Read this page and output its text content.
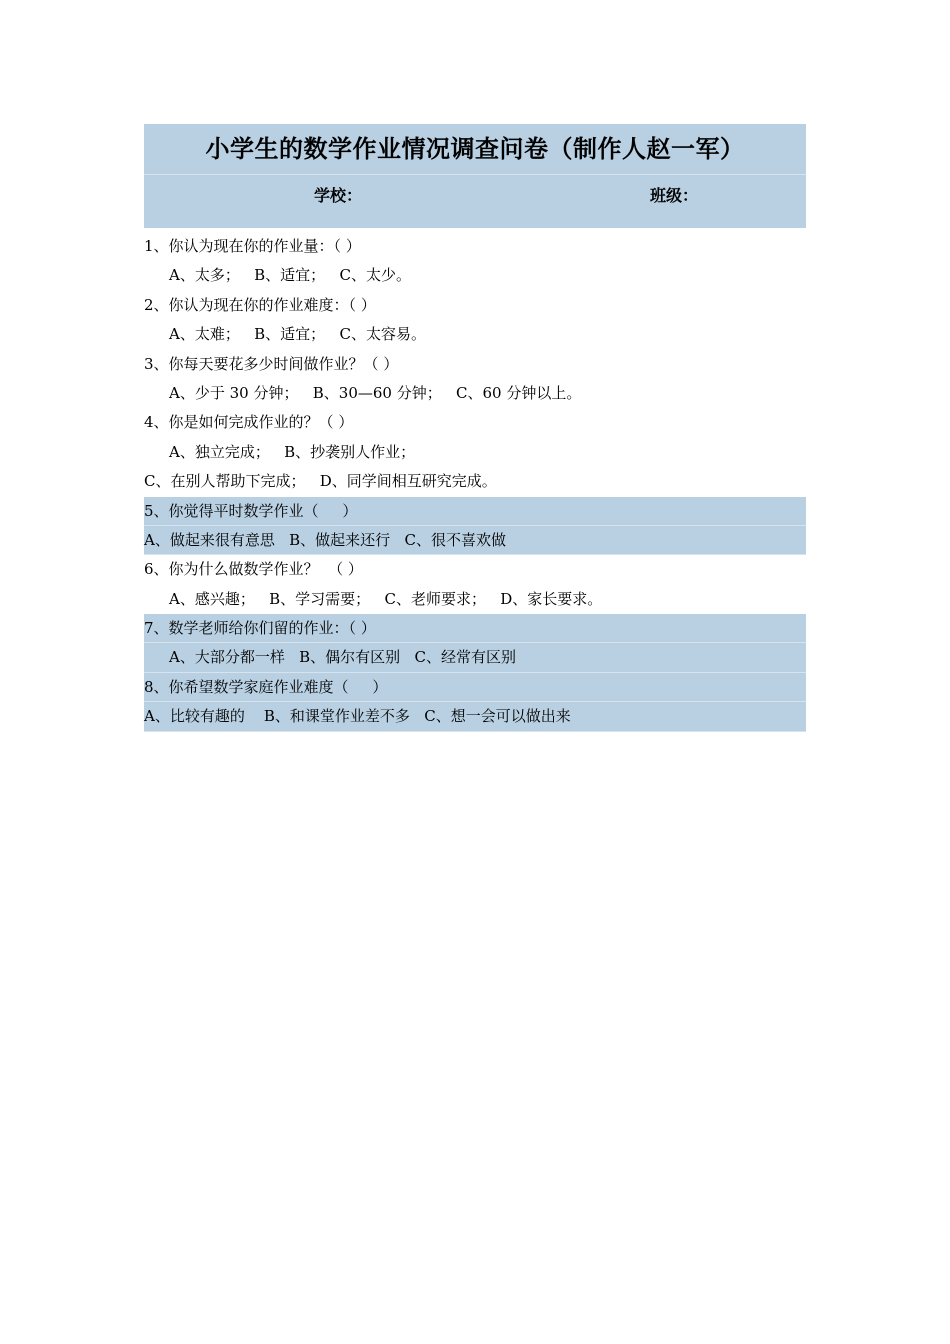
小学生的数学作业情况调查问卷（制作人赵一军）
学校：	班级：
1、你认为现在你的作业量：（ ）
A、太多；   B、适宜；   C、太少。
2、你认为现在你的作业难度：（ ）
A、太难；   B、适宜；   C、太容易。
3、你每天要花多少时间做作业？（ ）
A、少于 30 分钟；   B、30—60 分钟；   C、60 分钟以上。
4、你是如何完成作业的？（ ）
A、独立完成；   B、抄袭别人作业；
C、在别人帮助下完成；   D、同学间相互研究完成。
5、你觉得平时数学作业（     ）
A、做起来很有意思   B、做起来还行   C、很不喜欢做
6、你为什么做数学作业？  （ ）
A、感兴趣；   B、学习需要；   C、老师要求；   D、家长要求。
7、数学老师给你们留的作业：（ ）
A、大部分都一样   B、偶尔有区别   C、经常有区别
8、你希望数学家庭作业难度（     ）
A、比较有趣的    B、和课堂作业差不多   C、想一会可以做出来
